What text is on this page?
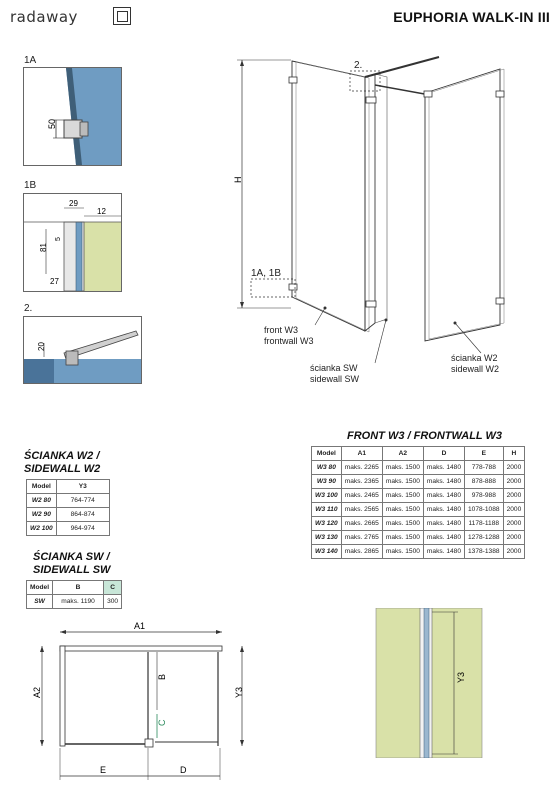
radaway	EUPHORIA WALK-IN III
1A
50
1B
29
12
81
5
27
2.
20
H
2.
1A, 1B
front W3
frontwall W3
ścianka SW
sidewall SW
ścianka W2
sidewall W2
ŚCIANKA W2 /
SIDEWALL W2
Model	Y3
W2 80	764-774
W2 90	864-874
W2 100	964-974
ŚCIANKA SW /
SIDEWALL SW
Model	B	C
SW	maks. 1190	300
FRONT W3 / FRONTWALL W3
Model	A1	A2	D	E	H
W3 80	maks. 2265	maks. 1500	maks. 1480	778-788	2000
W3 90	maks. 2365	maks. 1500	maks. 1480	878-888	2000
W3 100	maks. 2465	maks. 1500	maks. 1480	978-988	2000
W3 110	maks. 2565	maks. 1500	maks. 1480	1078-1088	2000
W3 120	maks. 2665	maks. 1500	maks. 1480	1178-1188	2000
W3 130	maks. 2765	maks. 1500	maks. 1480	1278-1288	2000
W3 140	maks. 2865	maks. 1500	maks. 1480	1378-1388	2000
A1
A2
B
C
Y3
E	D
Y3
